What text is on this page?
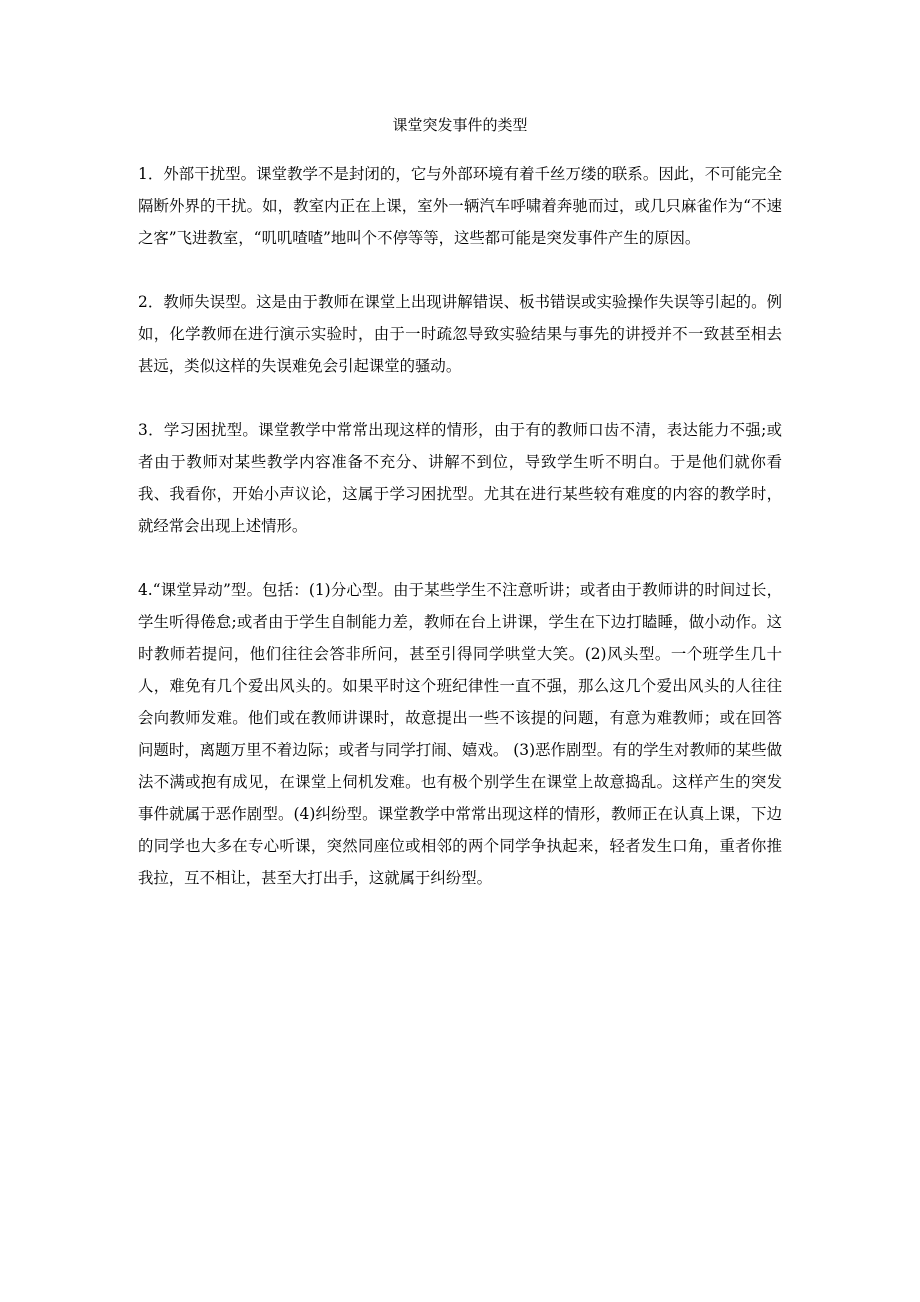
课堂突发事件的类型

1．外部干扰型。课堂教学不是封闭的，它与外部环境有着千丝万缕的联系。因此，不可能完全隔断外界的干扰。如，教室内正在上课，室外一辆汽车呼啸着奔驰而过，或几只麻雀作为“不速之客”飞进教室，“叽叽喳喳”地叫个不停等等，这些都可能是突发事件产生的原因。

2．教师失误型。这是由于教师在课堂上出现讲解错误、板书错误或实验操作失误等引起的。例如，化学教师在进行演示实验时，由于一时疏忽导致实验结果与事先的讲授并不一致甚至相去甚远，类似这样的失误难免会引起课堂的骚动。

3．学习困扰型。课堂教学中常常出现这样的情形，由于有的教师口齿不清，表达能力不强;或者由于教师对某些教学内容准备不充分、讲解不到位，导致学生听不明白。于是他们就你看我、我看你，开始小声议论，这属于学习困扰型。尤其在进行某些较有难度的内容的教学时，就经常会出现上述情形。

4.“课堂异动”型。包括：(1)分心型。由于某些学生不注意听讲；或者由于教师讲的时间过长，学生听得倦怠;或者由于学生自制能力差，教师在台上讲课，学生在下边打瞌睡，做小动作。这时教师若提问，他们往往会答非所问，甚至引得同学哄堂大笑。(2)风头型。一个班学生几十人，难免有几个爱出风头的。如果平时这个班纪律性一直不强，那么这几个爱出风头的人往往会向教师发难。他们或在教师讲课时，故意提出一些不该提的问题，有意为难教师；或在回答问题时，离题万里不着边际；或者与同学打闹、嬉戏。 (3)恶作剧型。有的学生对教师的某些做法不满或抱有成见，在课堂上伺机发难。也有极个别学生在课堂上故意捣乱。这样产生的突发事件就属于恶作剧型。(4)纠纷型。课堂教学中常常出现这样的情形，教师正在认真上课，下边的同学也大多在专心听课，突然同座位或相邻的两个同学争执起来，轻者发生口角，重者你推我拉，互不相让，甚至大打出手，这就属于纠纷型。
